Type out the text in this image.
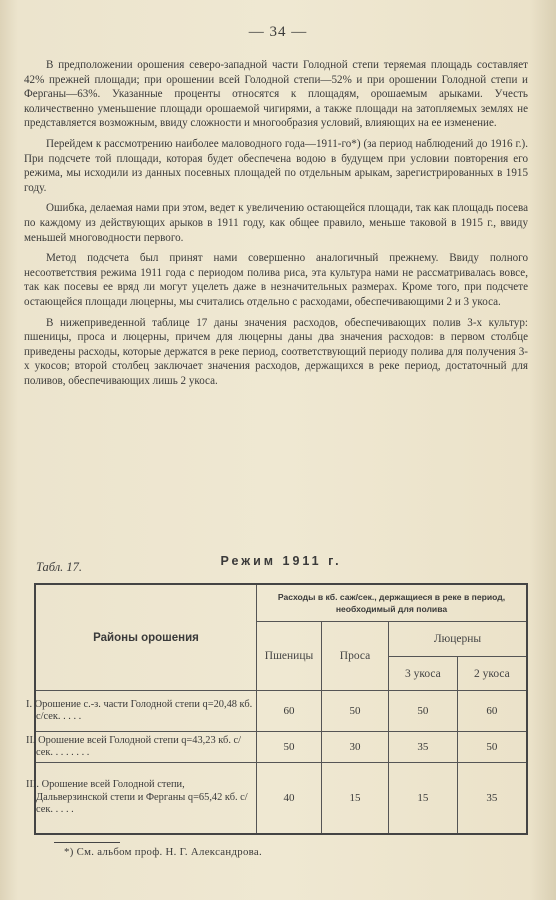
— 34 —

В предположении орошения северо-западной части Голодной степи теряемая площадь составляет 42% прежней площади; при орошении всей Голодной степи—52% и при орошении Голодной степи и Ферганы—63%. Указанные проценты относятся к площадям, орошаемым арыками. Учесть количественно уменьшение площади орошаемой чигирями, а также площади на затопляемых землях не представляется возможным, ввиду сложности и многообразия условий, влияющих на ее изменение.

Перейдем к рассмотрению наиболее маловодного года—1911-го*) (за период наблюдений до 1916 г.). При подсчете той площади, которая будет обеспечена водою в будущем при условии повторения его режима, мы исходили из данных посевных площадей по отдельным арыкам, зарегистрированных в 1915 году.

Ошибка, делаемая нами при этом, ведет к увеличению остающейся площади, так как площадь посева по каждому из действующих арыков в 1911 году, как общее правило, меньше таковой в 1915 г., ввиду меньшей многоводности первого.

Метод подсчета был принят нами совершенно аналогичный прежнему. Ввиду полного несоответствия режима 1911 года с периодом полива риса, эта культура нами не рассматривалась вовсе, так как посевы ее вряд ли могут уцелеть даже в незначительных размерах. Кроме того, при подсчете остающейся площади люцерны, мы считались отдельно с расходами, обеспечивающими 2 и 3 укоса.

В нижеприведенной таблице 17 даны значения расходов, обеспечивающих полив 3-х культур: пшеницы, проса и люцерны, причем для люцерны даны два значения расходов: в первом столбце приведены расходы, которые держатся в реке период, соответствующий периоду полива для получения 3-х укосов; второй столбец заключает значения расходов, держащихся в реке период, достаточный для поливов, обеспечивающих лишь 2 укоса.

Табл. 17.	Режим 1911 г.
Районы орошения	Расходы в кб. саж/сек., держащиеся в реке в период, необходимый для полива			
	Пшеницы	Проса	Люцерны	
			3 укоса	2 укоса
I. Орошение с.-з. части Голодной степи q=20,48 кб. с/сек. . . . .	60	50	50	60
II. Орошение всей Голодной степи q=43,23 кб. с/сек. . . . . . . .	50	30	35	50
III. Орошение всей Голодной степи, Дальверзинской степи и Ферганы q=65,42 кб. с/сек. . . . .	40	15	15	35
*) См. альбом проф. Н. Г. Александрова.
